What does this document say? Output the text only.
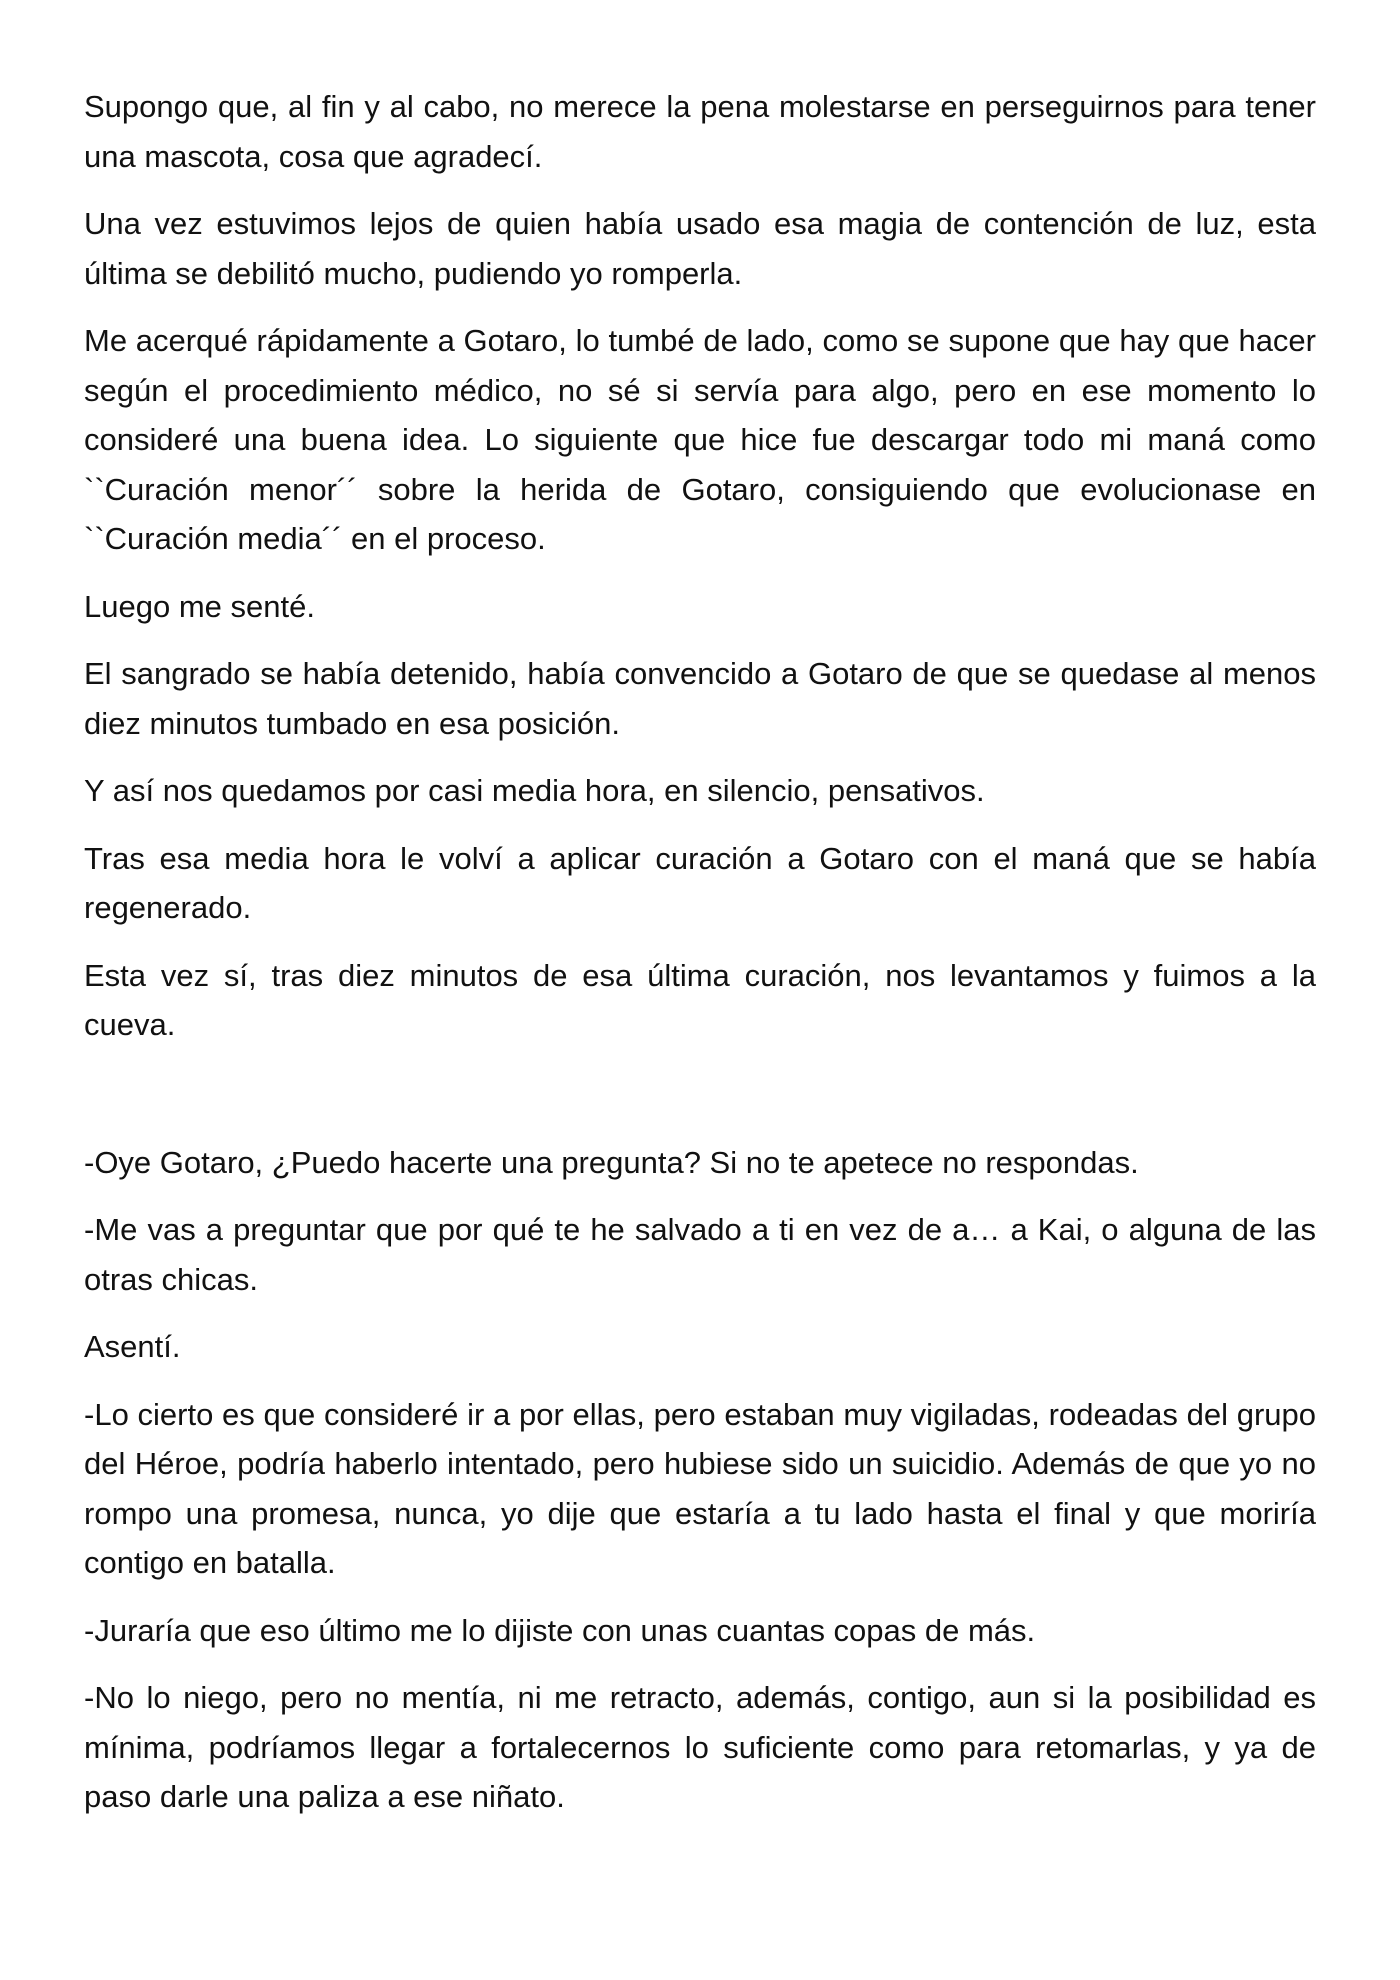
Supongo que, al fin y al cabo, no merece la pena molestarse en perseguirnos para tener una mascota, cosa que agradecí.

Una vez estuvimos lejos de quien había usado esa magia de contención de luz, esta última se debilitó mucho, pudiendo yo romperla.

Me acerqué rápidamente a Gotaro, lo tumbé de lado, como se supone que hay que hacer según el procedimiento médico, no sé si servía para algo, pero en ese momento lo consideré una buena idea. Lo siguiente que hice fue descargar todo mi maná como ``Curación menor´´ sobre la herida de Gotaro, consiguiendo que evolucionase en ``Curación media´´ en el proceso.

Luego me senté.

El sangrado se había detenido, había convencido a Gotaro de que se quedase al menos diez minutos tumbado en esa posición.

Y así nos quedamos por casi media hora, en silencio, pensativos.

Tras esa media hora le volví a aplicar curación a Gotaro con el maná que se había regenerado.

Esta vez sí, tras diez minutos de esa última curación, nos levantamos y fuimos a la cueva.

-Oye Gotaro, ¿Puedo hacerte una pregunta? Si no te apetece no respondas.

-Me vas a preguntar que por qué te he salvado a ti en vez de a… a Kai, o alguna de las otras chicas.

Asentí.

-Lo cierto es que consideré ir a por ellas, pero estaban muy vigiladas, rodeadas del grupo del Héroe, podría haberlo intentado, pero hubiese sido un suicidio. Además de que yo no rompo una promesa, nunca, yo dije que estaría a tu lado hasta el final y que moriría contigo en batalla.

-Juraría que eso último me lo dijiste con unas cuantas copas de más.

-No lo niego, pero no mentía, ni me retracto, además, contigo, aun si la posibilidad es mínima, podríamos llegar a fortalecernos lo suficiente como para retomarlas, y ya de paso darle una paliza a ese niñato.
